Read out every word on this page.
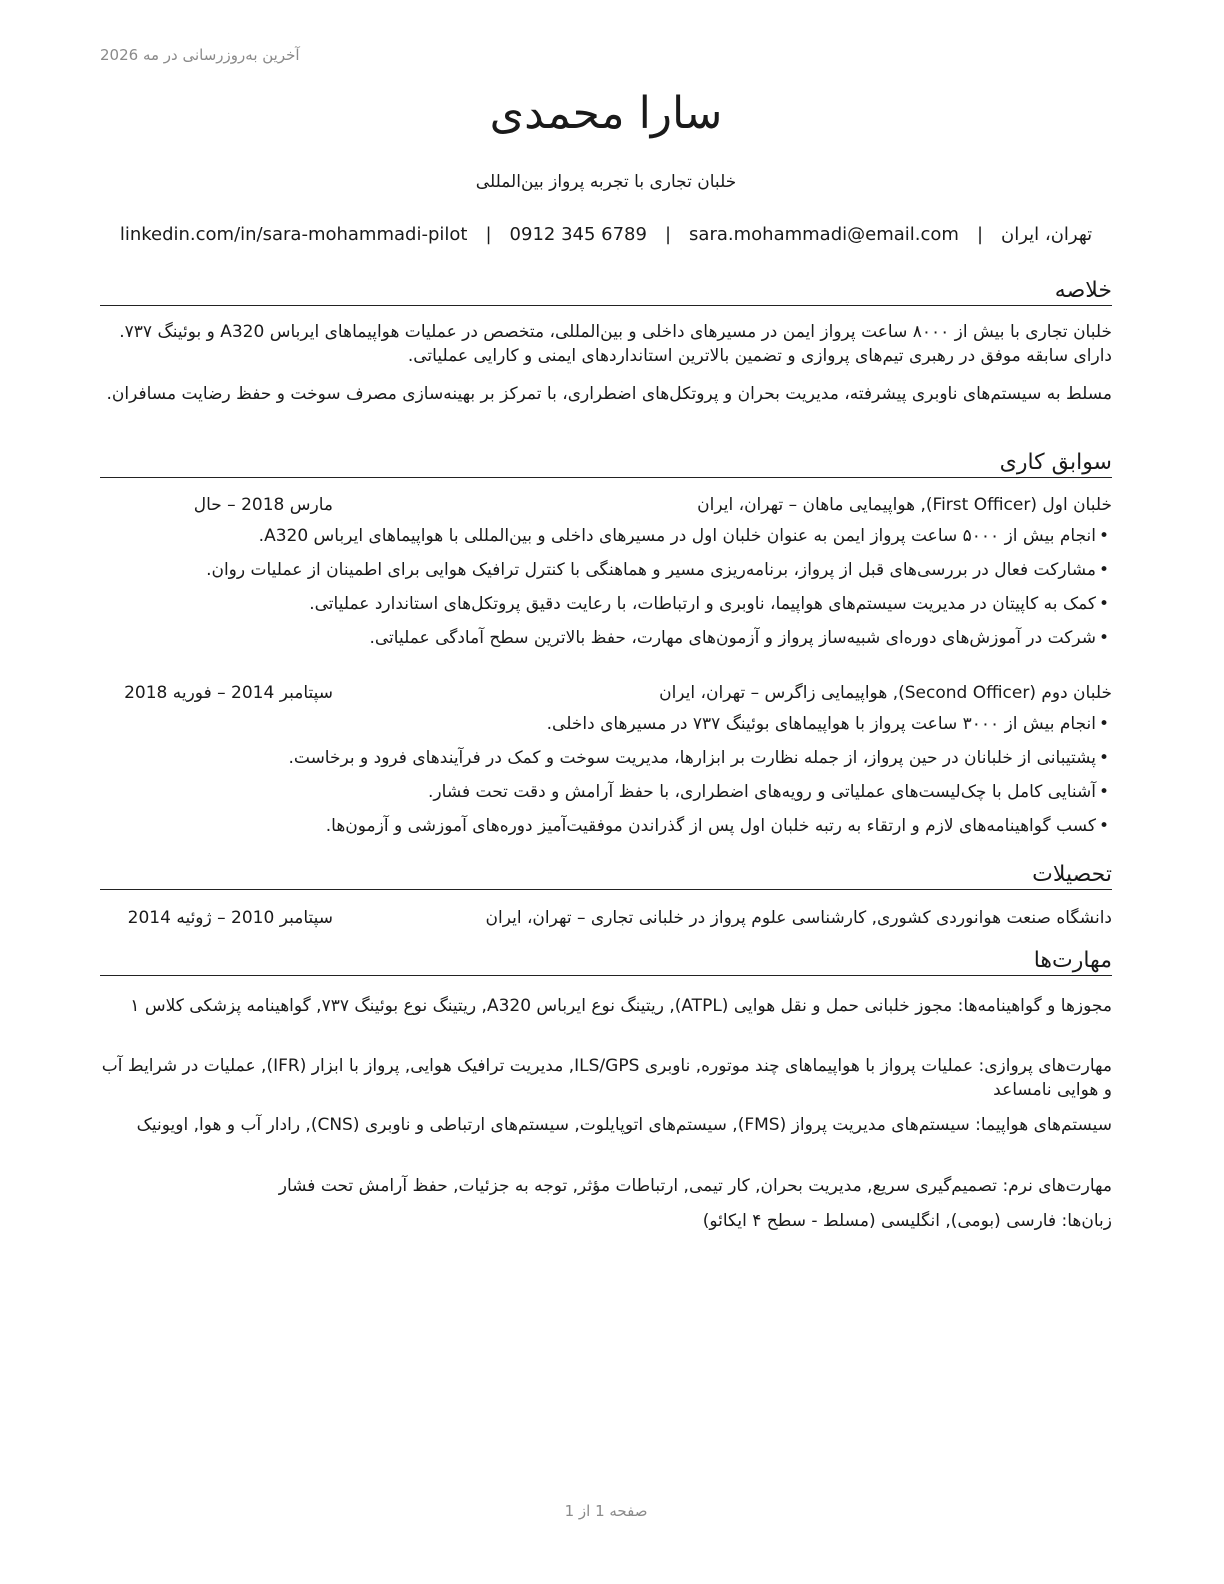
آخرین به‌روزرسانی در مه 2026
سارا محمدی
خلبان تجاری با تجربه پرواز بین‌المللی
تهران، ایران
|
sara.mohammadi@email.com
|
0912 345 6789
|
linkedin.com/in/sara-mohammadi-pilot
خلاصه

خلبان تجاری با بیش از ۸۰۰۰ ساعت پرواز ایمن در مسیرهای داخلی و بین‌المللی، متخصص در عملیات هواپیماهای ایرباس A320 و بوئینگ ۷۳۷. دارای سابقه موفق در رهبری تیم‌های پروازی و تضمین بالاترین استانداردهای ایمنی و کارایی عملیاتی.

مسلط به سیستم‌های ناوبری پیشرفته، مدیریت بحران و پروتکل‌های اضطراری، با تمرکز بر بهینه‌سازی مصرف سوخت و حفظ رضایت مسافران.

سوابق کاری
خلبان اول (First Officer), هواپیمایی ماهان – تهران، ایران
مارس 2018 – حال
•انجام بیش از ۵۰۰۰ ساعت پرواز ایمن به عنوان خلبان اول در مسیرهای داخلی و بین‌المللی با هواپیماهای ایرباس A320.
•مشارکت فعال در بررسی‌های قبل از پرواز، برنامه‌ریزی مسیر و هماهنگی با کنترل ترافیک هوایی برای اطمینان از عملیات روان.
•کمک به کاپیتان در مدیریت سیستم‌های هواپیما، ناوبری و ارتباطات، با رعایت دقیق پروتکل‌های استاندارد عملیاتی.
•شرکت در آموزش‌های دوره‌ای شبیه‌ساز پرواز و آزمون‌های مهارت، حفظ بالاترین سطح آمادگی عملیاتی.
خلبان دوم (Second Officer), هواپیمایی زاگرس – تهران، ایران
سپتامبر 2014 – فوریه 2018
•انجام بیش از ۳۰۰۰ ساعت پرواز با هواپیماهای بوئینگ ۷۳۷ در مسیرهای داخلی.
•پشتیبانی از خلبانان در حین پرواز، از جمله نظارت بر ابزارها، مدیریت سوخت و کمک در فرآیندهای فرود و برخاست.
•آشنایی کامل با چک‌لیست‌های عملیاتی و رویه‌های اضطراری، با حفظ آرامش و دقت تحت فشار.
•کسب گواهینامه‌های لازم و ارتقاء به رتبه خلبان اول پس از گذراندن موفقیت‌آمیز دوره‌های آموزشی و آزمون‌ها.
تحصیلات
دانشگاه صنعت هوانوردی کشوری, کارشناسی علوم پرواز در خلبانی تجاری – تهران، ایران
سپتامبر 2010 – ژوئیه 2014
مهارت‌ها

مجوزها و گواهینامه‌ها: مجوز خلبانی حمل و نقل هوایی (ATPL), ریتینگ نوع ایرباس A320, ریتینگ نوع بوئینگ ۷۳۷, گواهینامه پزشکی کلاس ۱

مهارت‌های پروازی: عملیات پرواز با هواپیماهای چند موتوره, ناوبری ILS/GPS, مدیریت ترافیک هوایی, پرواز با ابزار (IFR), عملیات در شرایط آب و هوایی نامساعد

سیستم‌های هواپیما: سیستم‌های مدیریت پرواز (FMS), سیستم‌های اتوپایلوت, سیستم‌های ارتباطی و ناوبری (CNS), رادار آب و هوا, اویونیک

مهارت‌های نرم: تصمیم‌گیری سریع, مدیریت بحران, کار تیمی, ارتباطات مؤثر, توجه به جزئیات, حفظ آرامش تحت فشار

زبان‌ها: فارسی (بومی), انگلیسی (مسلط - سطح ۴ ایکائو)

صفحه 1 از 1
